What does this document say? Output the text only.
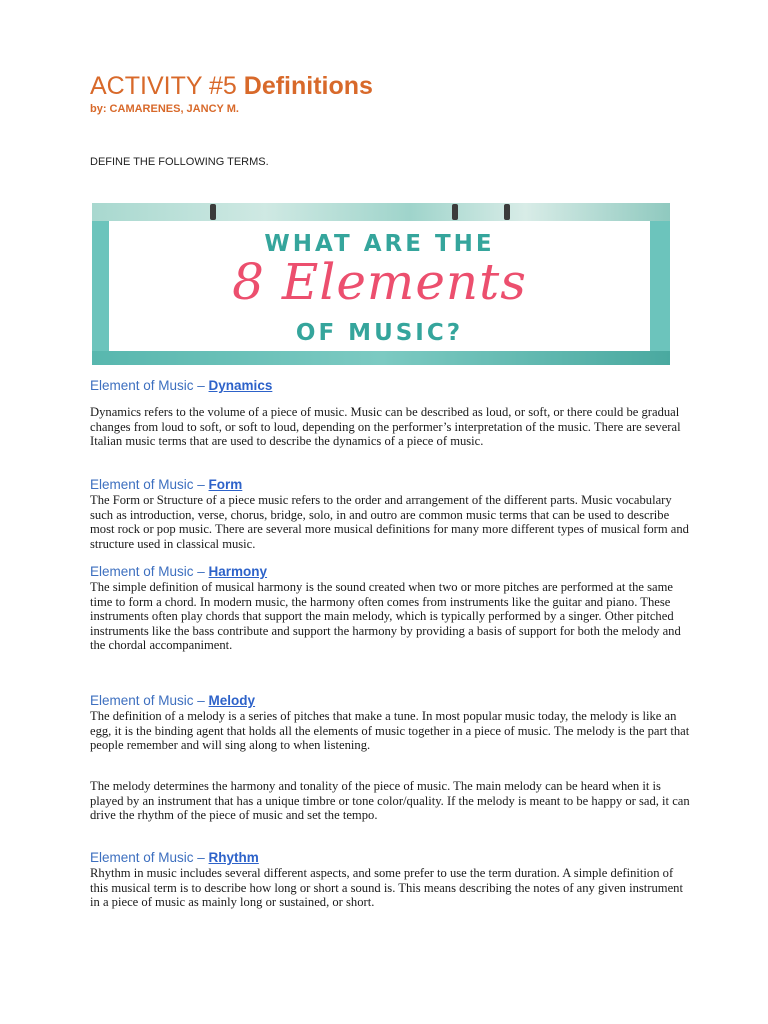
ACTIVITY #5 Definitions
by: CAMARENES, JANCY M.
DEFINE THE FOLLOWING TERMS.
WHAT ARE THE
8 Elements
OF MUSIC?
Element of Music – Dynamics

Dynamics refers to the volume of a piece of music. Music can be described as loud, or soft, or there could be gradual changes from loud to soft, or soft to loud, depending on the performer’s interpretation of the music. There are several Italian music terms that are used to describe the dynamics of a piece of music.

Element of Music – Form

The Form or Structure of a piece music refers to the order and arrangement of the different parts. Music vocabulary such as introduction, verse, chorus, bridge, solo, in and outro are common music terms that can be used to describe most rock or pop music. There are several more musical definitions for many more different types of musical form and structure used in classical music.

Element of Music – Harmony

The simple definition of musical harmony is the sound created when two or more pitches are performed at the same time to form a chord. In modern music, the harmony often comes from instruments like the guitar and piano. These instruments often play chords that support the main melody, which is typically performed by a singer. Other pitched instruments like the bass contribute and support the harmony by providing a basis of support for both the melody and the chordal accompaniment.

Element of Music – Melody

The definition of a melody is a series of pitches that make a tune. In most popular music today, the melody is like an egg, it is the binding agent that holds all the elements of music together in a piece of music. The melody is the part that people remember and will sing along to when listening.

The melody determines the harmony and tonality of the piece of music. The main melody can be heard when it is played by an instrument that has a unique timbre or tone color/quality. If the melody is meant to be happy or sad, it can drive the rhythm of the piece of music and set the tempo.

Element of Music – Rhythm

Rhythm in music includes several different aspects, and some prefer to use the term duration. A simple definition of this musical term is to describe how long or short a sound is. This means describing the notes of any given instrument in a piece of music as mainly long or sustained, or short.
